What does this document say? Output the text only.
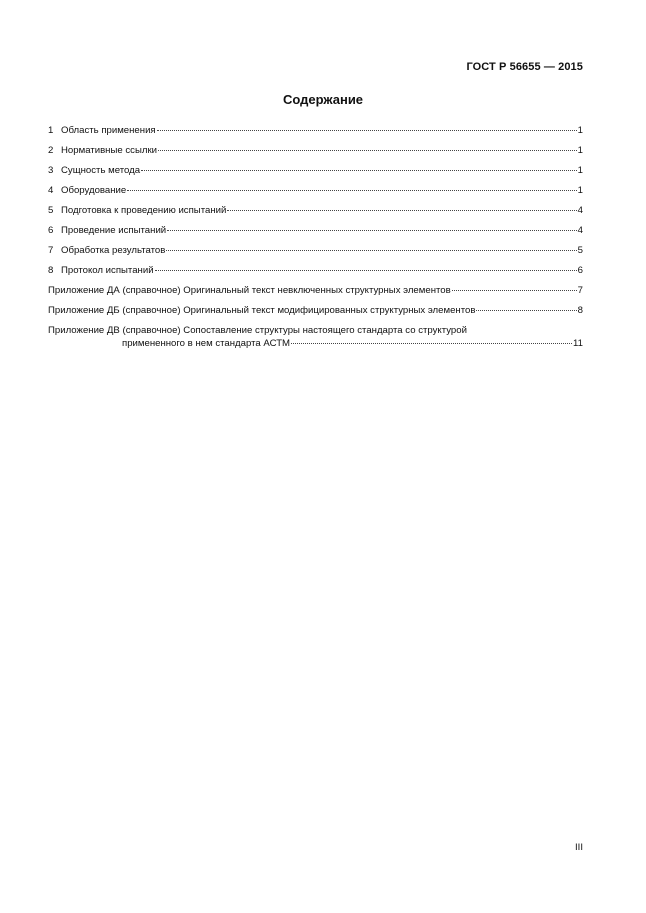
ГОСТ Р 56655 — 2015
Содержание
1 Область применения	1
2 Нормативные ссылки	1
3 Сущность метода	1
4 Оборудование	1
5 Подготовка к проведению испытаний	4
6 Проведение испытаний	4
7 Обработка результатов	5
8 Протокол испытаний	6
Приложение ДА (справочное) Оригинальный текст невключенных структурных элементов	7
Приложение ДБ (справочное) Оригинальный текст модифицированных структурных элементов	8
Приложение ДВ (справочное) Сопоставление структуры настоящего стандарта со структурой
примененного в нем стандарта АСТМ	11
III
